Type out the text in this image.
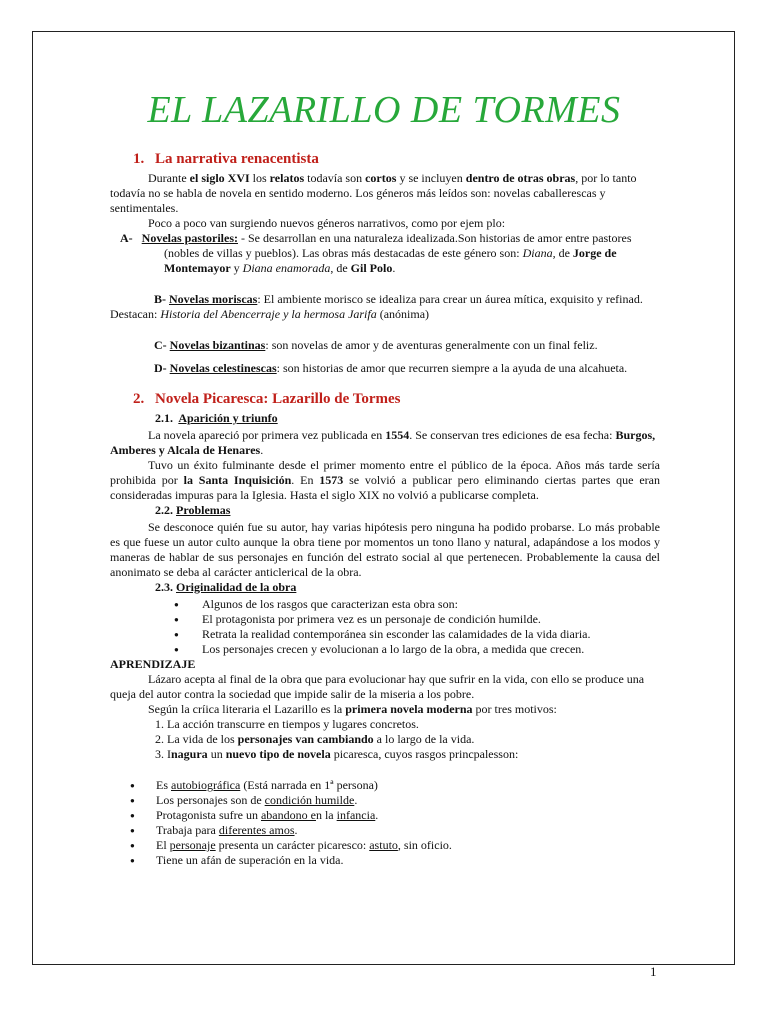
EL LAZARILLO DE TORMES
1. La narrativa renacentista

Durante el siglo XVI los relatos todavía son cortos y se incluyen dentro de otras obras, por lo tanto todavía no se habla de novela en sentido moderno. Los géneros más leídos son: novelas caballerescas y sentimentales.

Poco a poco van surgiendo nuevos géneros narrativos, como por ejem plo:

A- Novelas pastoriles: - Se desarrollan en una naturaleza idealizada.Son historias de amor entre pastores (nobles de villas y pueblos). Las obras más destacadas de este género son: Diana, de Jorge de Montemayor y Diana enamorada, de Gil Polo.

B- Novelas moriscas: El ambiente morisco se idealiza para crear un áurea mítica, exquisito y refinad. Destacan: Historia del Abencerraje y la hermosa Jarifa (anónima)

C- Novelas bizantinas: son novelas de amor y de aventuras generalmente con un final feliz.

D- Novelas celestinescas: son historias de amor que recurren siempre a la ayuda de una alcahueta.

2. Novela Picaresca: Lazarillo de Tormes
2.1. Aparición y triunfo

La novela apareció por primera vez publicada en 1554. Se conservan tres ediciones de esa fecha: Burgos, Amberes y Alcala de Henares.

Tuvo un éxito fulminante desde el primer momento entre el público de la época. Años más tarde sería prohibida por la Santa Inquisición. En 1573 se volvió a publicar pero eliminando ciertas partes que eran consideradas impuras para la Iglesia. Hasta el siglo XIX no volvió a publicarse completa.

2.2. Problemas

Se desconoce quién fue su autor, hay varias hipótesis pero ninguna ha podido probarse. Lo más probable es que fuese un autor culto aunque la obra tiene por momentos un tono llano y natural, adapándose a los modos y maneras de hablar de sus personajes en función del estrato social al que pertenecen. Probablemente la causa del anonimato se deba al carácter anticlerical de la obra.

2.3. Originalidad de la obra

● Algunos de los rasgos que caracterizan esta obra son:

● El protagonista por primera vez es un personaje de condición humilde.

● Retrata la realidad contemporánea sin esconder las calamidades de la vida diaria.

● Los personajes crecen y evolucionan a lo largo de la obra, a medida que crecen.

APRENDIZAJE

Lázaro acepta al final de la obra que para evolucionar hay que sufrir en la vida, con ello se produce una queja del autor contra la sociedad que impide salir de la miseria a los pobre.

Según la críica literaria el Lazarillo es la primera novela moderna por tres motivos:

1. La acción transcurre en tiempos y lugares concretos.

2. La vida de los personajes van cambiando a lo largo de la vida.

3. Inagura un nuevo tipo de novela picaresca, cuyos rasgos princpalesson:

● Es autobiográfica (Está narrada en 1ª persona)

● Los personajes son de condición humilde.

● Protagonista sufre un abandono en la infancia.

● Trabaja para diferentes amos.

● El personaje presenta un carácter picaresco: astuto, sin oficio.

● Tiene un afán de superación en la vida.

1
